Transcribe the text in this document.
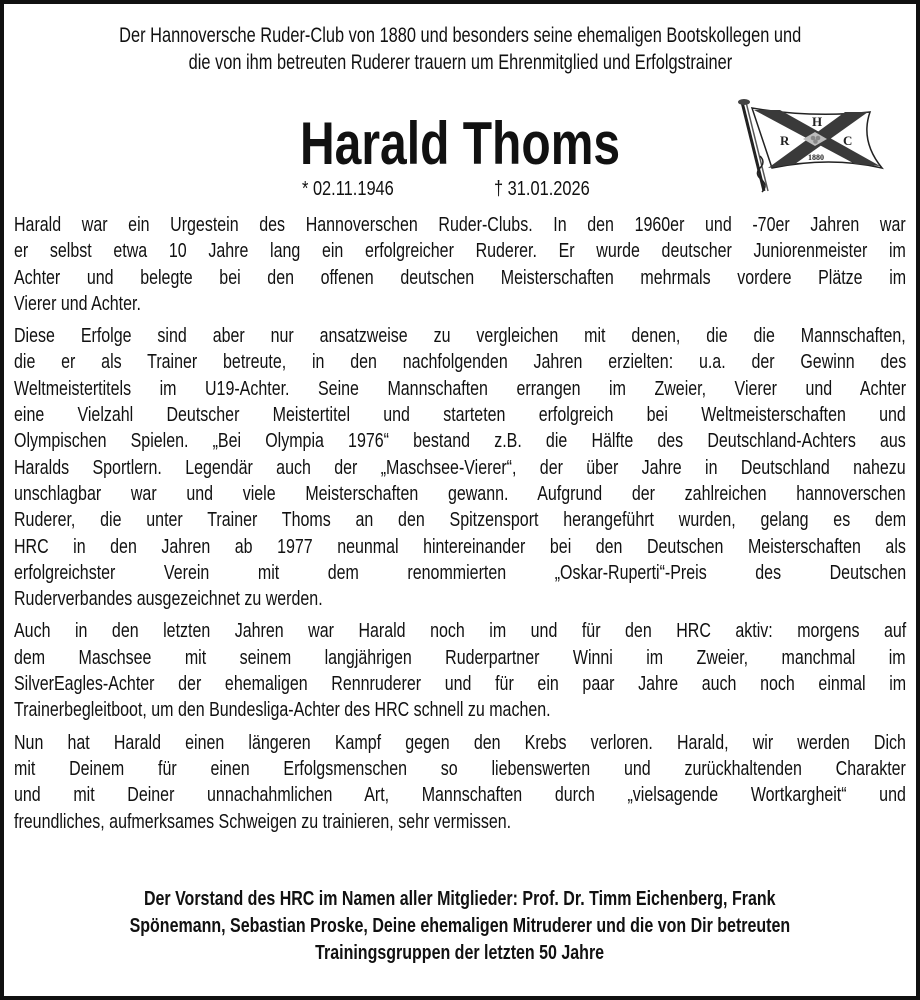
Der Hannoversche Ruder-Club von 1880 und besonders seine ehemaligen Bootskollegen und
die von ihm betreuten Ruderer trauern um Ehrenmitglied und Erfolgstrainer
Harald Thoms
* 02.11.1946	† 31.01.2026
H
R	C
1880
Harald war ein Urgestein des Hannoverschen Ruder-Clubs. In den 1960er und -70er Jahren war
er selbst etwa 10 Jahre lang ein erfolgreicher Ruderer. Er wurde deutscher Juniorenmeister im
Achter und belegte bei den offenen deutschen Meisterschaften mehrmals vordere Plätze im
Vierer und Achter.
Diese Erfolge sind aber nur ansatzweise zu vergleichen mit denen, die die Mannschaften,
die er als Trainer betreute, in den nachfolgenden Jahren erzielten: u.a. der Gewinn des
Weltmeistertitels im U19-Achter. Seine Mannschaften errangen im Zweier, Vierer und Achter
eine Vielzahl Deutscher Meistertitel und starteten erfolgreich bei Weltmeisterschaften und
Olympischen Spielen. „Bei Olympia 1976“ bestand z.B. die Hälfte des Deutschland-Achters aus
Haralds Sportlern. Legendär auch der „Maschsee-Vierer“, der über Jahre in Deutschland nahezu
unschlagbar war und viele Meisterschaften gewann. Aufgrund der zahlreichen hannoverschen
Ruderer, die unter Trainer Thoms an den Spitzensport herangeführt wurden, gelang es dem
HRC in den Jahren ab 1977 neunmal hintereinander bei den Deutschen Meisterschaften als
erfolgreichster Verein mit dem renommierten „Oskar-Ruperti“-Preis des Deutschen
Ruderverbandes ausgezeichnet zu werden.
Auch in den letzten Jahren war Harald noch im und für den HRC aktiv: morgens auf
dem Maschsee mit seinem langjährigen Ruderpartner Winni im Zweier, manchmal im
SilverEagles-Achter der ehemaligen Rennruderer und für ein paar Jahre auch noch einmal im
Trainerbegleitboot, um den Bundesliga-Achter des HRC schnell zu machen.
Nun hat Harald einen längeren Kampf gegen den Krebs verloren. Harald, wir werden Dich
mit Deinem für einen Erfolgsmenschen so liebenswerten und zurückhaltenden Charakter
und mit Deiner unnachahmlichen Art, Mannschaften durch „vielsagende Wortkargheit“ und
freundliches, aufmerksames Schweigen zu trainieren, sehr vermissen.
Der Vorstand des HRC im Namen aller Mitglieder: Prof. Dr. Timm Eichenberg, Frank
Spönemann, Sebastian Proske, Deine ehemaligen Mitruderer und die von Dir betreuten
Trainingsgruppen der letzten 50 Jahre
